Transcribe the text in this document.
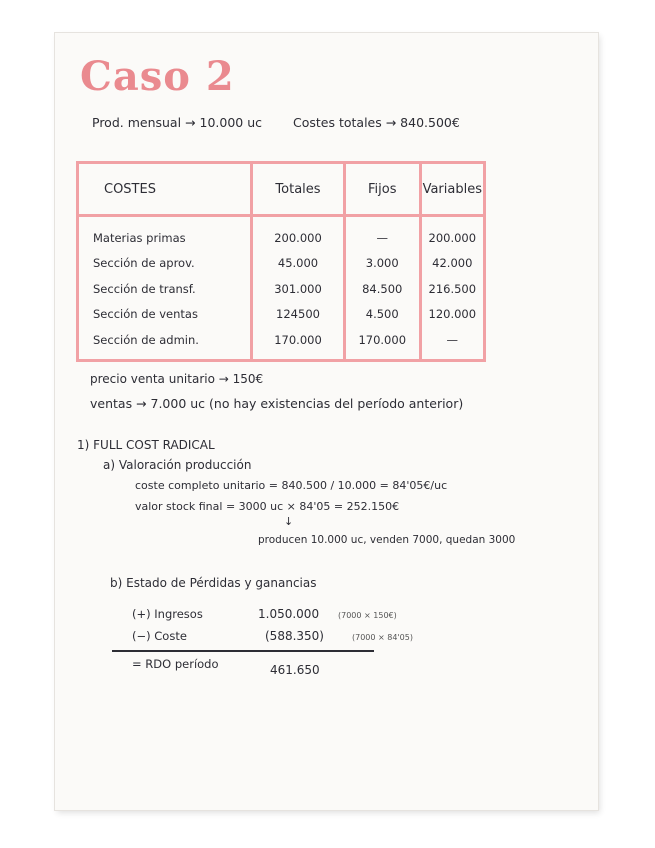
Caso 2
Prod. mensual → 10.000 uc Costes totales → 840.500€
COSTES	Totales	Fijos	Variables
Materias primas	200.000	—	200.000
Sección de aprov.	45.000	3.000	42.000
Sección de transf.	301.000	84.500	216.500
Sección de ventas	124500	4.500	120.000
Sección de admin.	170.000	170.000	—
precio venta unitario → 150€
ventas → 7.000 uc (no hay existencias del período anterior)
1) FULL COST RADICAL
a) Valoración producción
coste completo unitario = 840.500 / 10.000 = 84'05€/uc
valor stock final = 3000 uc × 84'05 = 252.150€
↓
producen 10.000 uc, venden 7000, quedan 3000
b) Estado de Pérdidas y ganancias
(+) Ingresos	1.050.000 (7000 × 150€)
(−) Coste	(588.350)	(7000 × 84'05)
= RDO período	461.650
